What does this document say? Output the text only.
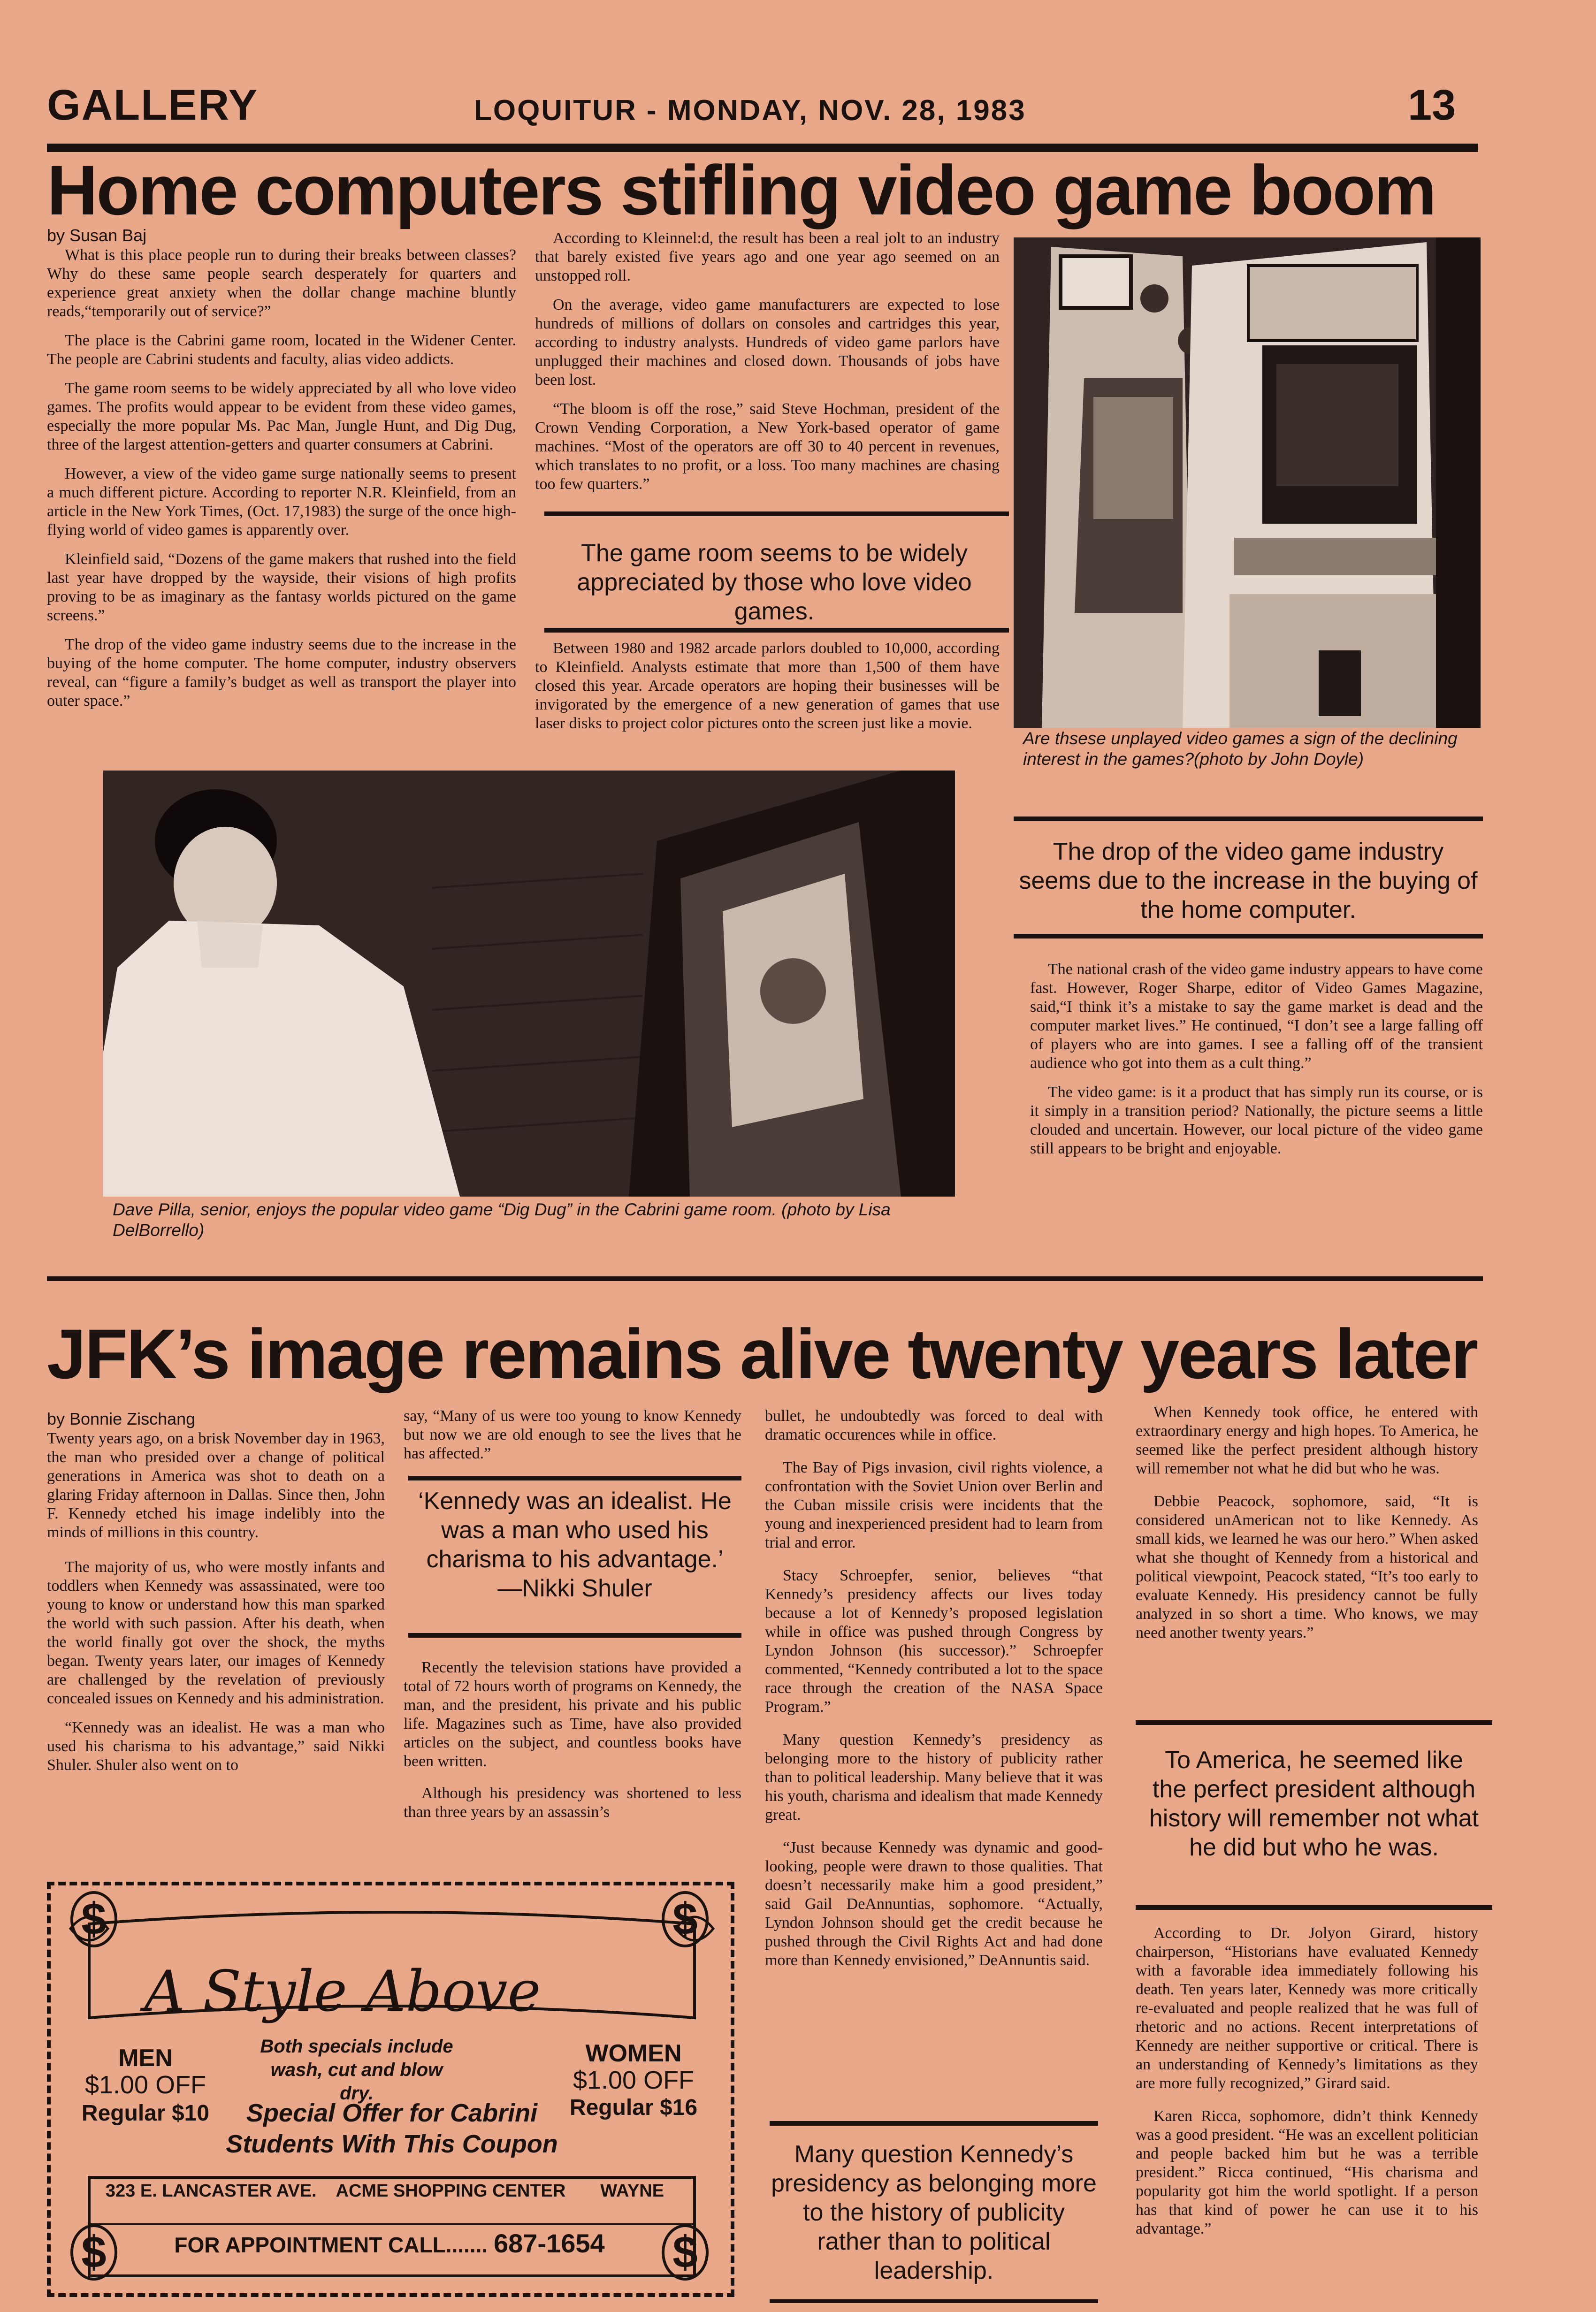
GALLERY	LOQUITUR - MONDAY, NOV. 28, 1983	13
Home computers stifling video game boom
by Susan Baj

What is this place people run to during their breaks between classes? Why do these same people search desperately for quarters and experience great anxiety when the dollar change machine bluntly reads,“temporarily out of service?”

The place is the Cabrini game room, located in the Widener Center. The people are Cabrini students and faculty, alias video addicts.

The game room seems to be widely appreciated by all who love video games. The profits would appear to be evident from these video games, especially the more popular Ms. Pac Man, Jungle Hunt, and Dig Dug, three of the largest attention-getters and quarter consumers at Cabrini.

However, a view of the video game surge nationally seems to present a much different picture. According to reporter N.R. Kleinfield, from an article in the New York Times, (Oct. 17,1983) the surge of the once high-flying world of video games is apparently over.

Kleinfield said, “Dozens of the game makers that rushed into the field last year have dropped by the wayside, their visions of high profits proving to be as imaginary as the fantasy worlds pictured on the game screens.”

The drop of the video game industry seems due to the increase in the buying of the home computer. The home computer, industry observers reveal, can “figure a family’s budget as well as transport the player into outer space.”

According to Kleinnel:d, the result has been a real jolt to an industry that barely existed five years ago and one year ago seemed on an unstopped roll.

On the average, video game manufacturers are expected to lose hundreds of millions of dollars on consoles and cartridges this year, according to industry analysts. Hundreds of video game parlors have unplugged their machines and closed down. Thousands of jobs have been lost.

“The bloom is off the rose,” said Steve Hochman, president of the Crown Vending Corporation, a New York-based operator of game machines. “Most of the operators are off 30 to 40 percent in revenues, which translates to no profit, or a loss. Too many machines are chasing too few quarters.”

The game room seems to be widely appreciated by those who love video games.

Between 1980 and 1982 arcade parlors doubled to 10,000, according to Kleinfield. Analysts estimate that more than 1,500 of them have closed this year. Arcade operators are hoping their businesses will be invigorated by the emergence of a new generation of games that use laser disks to project color pictures onto the screen just like a movie.

Are thsese unplayed video games a sign of the declining interest in the games?(photo by John Doyle)
The drop of the video game industry seems due to the increase in the buying of the home computer.

The national crash of the video game industry appears to have come fast. However, Roger Sharpe, editor of Video Games Magazine, said,“I think it’s a mistake to say the game market is dead and the computer market lives.” He continued, “I don’t see a large falling off of players who are into games. I see a falling off of the transient audience who got into them as a cult thing.”

The video game: is it a product that has simply run its course, or is it simply in a transition period? Nationally, the picture seems a little clouded and uncertain. However, our local picture of the video game still appears to be bright and enjoyable.

Dave Pilla, senior, enjoys the popular video game “Dig Dug” in the Cabrini game room. (photo by Lisa DelBorrello)
JFK’s image remains alive twenty years later
by Bonnie Zischang

Twenty years ago, on a brisk November day in 1963, the man who presided over a change of political generations in America was shot to death on a glaring Friday afternoon in Dallas. Since then, John F. Kennedy etched his image indelibly into the minds of millions in this country.

The majority of us, who were mostly infants and toddlers when Kennedy was assassinated, were too young to know or understand how this man sparked the world with such passion. After his death, when the world finally got over the shock, the myths began. Twenty years later, our images of Kennedy are challenged by the revelation of previously concealed issues on Kennedy and his administration.

“Kennedy was an idealist. He was a man who used his charisma to his advantage,” said Nikki Shuler. Shuler also went on to

say, “Many of us were too young to know Kennedy but now we are old enough to see the lives that he has affected.”

‘Kennedy was an idealist. He was a man who used his charisma to his advantage.’
—Nikki Shuler

Recently the television stations have provided a total of 72 hours worth of programs on Kennedy, the man, and the president, his private and his public life. Magazines such as Time, have also provided articles on the subject, and countless books have been written.

Although his presidency was shortened to less than three years by an assassin’s

bullet, he undoubtedly was forced to deal with dramatic occurences while in office.

The Bay of Pigs invasion, civil rights violence, a confrontation with the Soviet Union over Berlin and the Cuban missile crisis were incidents that the young and inexperienced president had to learn from trial and error.

Stacy Schroepfer, senior, believes “that Kennedy’s presidency affects our lives today because a lot of Kennedy’s proposed legislation while in office was pushed through Congress by Lyndon Johnson (his successor).” Schroepfer commented, “Kennedy contributed a lot to the space race through the creation of the NASA Space Program.”

Many question Kennedy’s presidency as belonging more to the history of publicity rather than to political leadership. Many believe that it was his youth, charisma and idealism that made Kennedy great.

“Just because Kennedy was dynamic and good-looking, people were drawn to those qualities. That doesn’t necessarily make him a good president,” said Gail DeAnnuntias, sophomore. “Actually, Lyndon Johnson should get the credit because he pushed through the Civil Rights Act and had done more than Kennedy envisioned,” DeAnnuntis said.

Many question Kennedy’s presidency as belonging more to the history of publicity rather than to political leadership.

When Kennedy took office, he entered with extraordinary energy and high hopes. To America, he seemed like the perfect president although history will remember not what he did but who he was.

Debbie Peacock, sophomore, said, “It is considered unAmerican not to like Kennedy. As small kids, we learned he was our hero.” When asked what she thought of Kennedy from a historical and political viewpoint, Peacock stated, “It’s too early to evaluate Kennedy. His presidency cannot be fully analyzed in so short a time. Who knows, we may need another twenty years.”

To America, he seemed like the perfect president although history will remember not what he did but who he was.

According to Dr. Jolyon Girard, history chairperson, “Historians have evaluated Kennedy with a favorable idea immediately following his death. Ten years later, Kennedy was more critically re-evaluated and people realized that he was full of rhetoric and no actions. Recent interpretations of Kennedy are neither supportive or critical. There is an understanding of Kennedy’s limitations as they are more fully recognized,” Girard said.

Karen Ricca, sophomore, didn’t think Kennedy was a good president. “He was an excellent politician and people backed him but he was a terrible president.” Ricca continued, “His charisma and popularity got him the world spotlight. If a person has that kind of power he can use it to his advantage.”

$	$
A Style Above
MEN
$1.00 OFF
Regular $10
Both specials include wash, cut and blow dry.
Special Offer for Cabrini Students With This Coupon
WOMEN
$1.00 OFF
Regular $16
323 E. LANCASTER AVE. ACME SHOPPING CENTER WAYNE
FOR APPOINTMENT CALL....... 687-1654
$	$
